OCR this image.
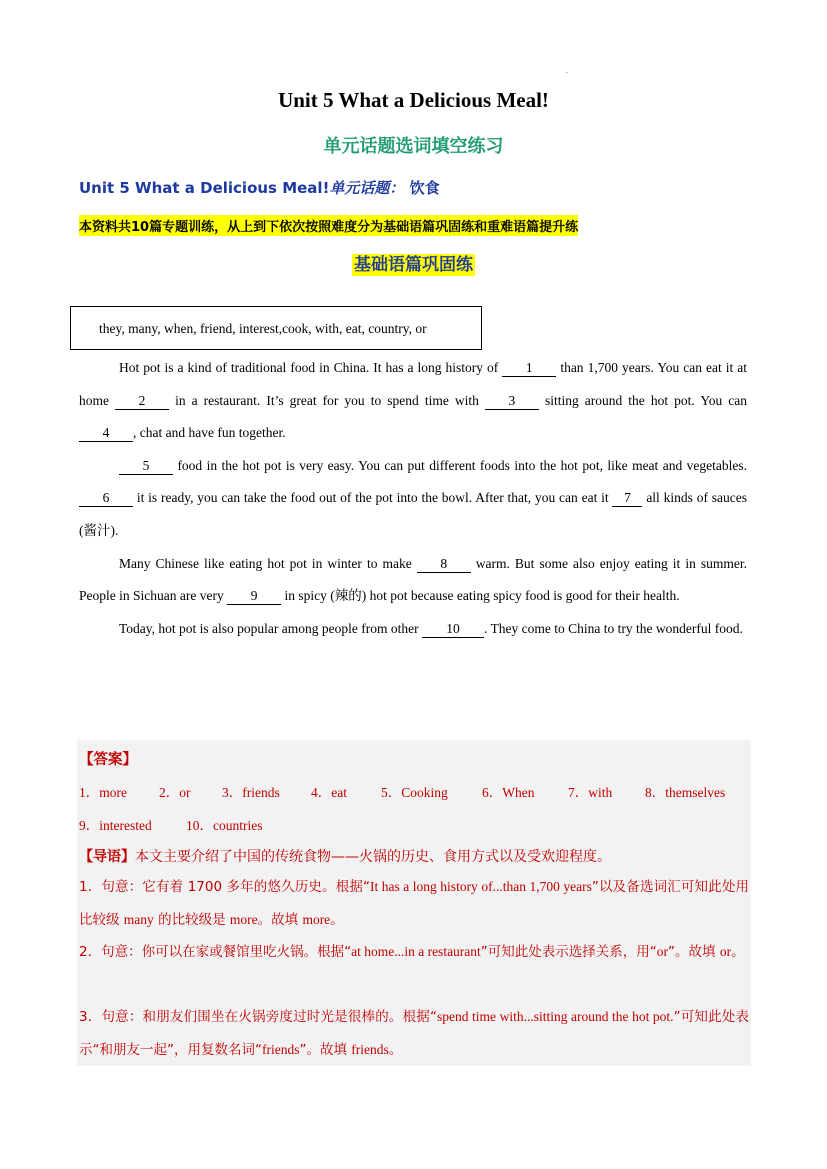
.
Unit 5 What a Delicious Meal!
单元话题选词填空练习
Unit 5 What a Delicious Meal!单元话题： 饮食
本资料共10篇专题训练，从上到下依次按照难度分为基础语篇巩固练和重难语篇提升练
基础语篇巩固练
they, many, when, friend, interest,cook, with, eat, country, or

Hot pot is a kind of traditional food in China. It has a long history of 1 than 1,700 years. You can eat it at home 2 in a restaurant. It’s great for you to spend time with 3 sitting around the hot pot. You can 4 , chat and have fun together.

5 food in the hot pot is very easy. You can put different foods into the hot pot, like meat and vegetables. 6 it is ready, you can take the food out of the pot into the bowl. After that, you can eat it 7 all kinds of sauces (酱汁).

Many Chinese like eating hot pot in winter to make 8 warm. But some also enjoy eating it in summer. People in Sichuan are very 9 in spicy (辣的) hot pot because eating spicy food is good for their health.

Today, hot pot is also popular among people from other 10 . They come to China to try the wonderful food.

【答案】
1．more 2．or 3．friends 4．eat	5．Cooking	6．When 7．with 8．themselves
9．interested	10．countries
【导语】本文主要介绍了中国的传统食物——火锅的历史、食用方式以及受欢迎程度。
1．句意：它有着 1700 多年的悠久历史。根据“It has a long history of...than 1,700 years”以及备选词汇可知此处用比较级 many 的比较级是 more。故填 more。
2．句意：你可以在家或餐馆里吃火锅。根据“at home...in a restaurant”可知此处表示选择关系，用“or”。故填 or。
3．句意：和朋友们围坐在火锅旁度过时光是很棒的。根据“spend time with...sitting around the hot pot.”可知此处表示“和朋友一起”，用复数名词“friends”。故填 friends。
